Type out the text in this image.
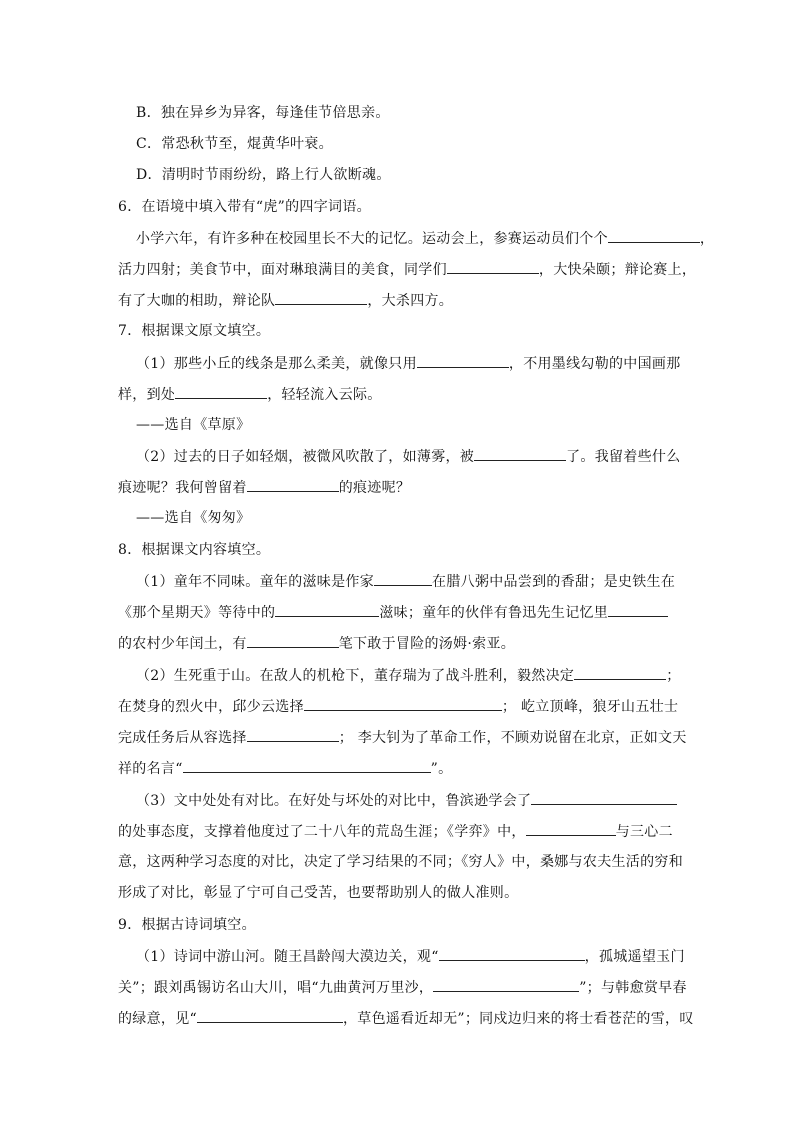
B．独在异乡为异客，每逢佳节倍思亲。
C．常恐秋节至，焜黄华叶衰。
D．清明时节雨纷纷，路上行人欲断魂。
6．在语境中填入带有“虎”的四字词语。
小学六年，有许多种在校园里长不大的记忆。运动会上，参赛运动员们个个	，
活力四射；美食节中，面对琳琅满目的美食，同学们	，大快朵颐；辩论赛上，
有了大咖的相助，辩论队	，大杀四方。
7．根据课文原文填空。
（1）那些小丘的线条是那么柔美，就像只用	，不用墨线勾勒的中国画那
样，到处	，轻轻流入云际。
——选自《草原》
（2）过去的日子如轻烟，被微风吹散了，如薄雾，被	了。我留着些什么
痕迹呢？我何曾留着	的痕迹呢？
——选自《匆匆》
8．根据课文内容填空。
（1）童年不同味。童年的滋味是作家	在腊八粥中品尝到的香甜；是史铁生在
《那个星期天》等待中的	滋味；童年的伙伴有鲁迅先生记忆里
的农村少年闰土，有	笔下敢于冒险的汤姆·索亚。
（2）生死重于山。在敌人的机枪下，董存瑞为了战斗胜利，毅然决定	；
在焚身的烈火中，邱少云选择	； 屹立顶峰，狼牙山五壮士
完成任务后从容选择	； 李大钊为了革命工作，不顾劝说留在北京，正如文天
祥的名言“	”。
（3）文中处处有对比。在好处与坏处的对比中，鲁滨逊学会了
的处事态度，支撑着他度过了二十八年的荒岛生涯；《学弈》中，	与三心二
意，这两种学习态度的对比，决定了学习结果的不同；《穷人》中，桑娜与农夫生活的穷和
形成了对比，彰显了宁可自己受苦，也要帮助别人的做人准则。
9．根据古诗词填空。
（1）诗词中游山河。随王昌龄闯大漠边关，观“	，孤城遥望玉门
关”；跟刘禹锡访名山大川，唱“九曲黄河万里沙，	”；与韩愈赏早春
的绿意，见“	，草色遥看近却无”；同戍边归来的将士看苍茫的雪，叹
